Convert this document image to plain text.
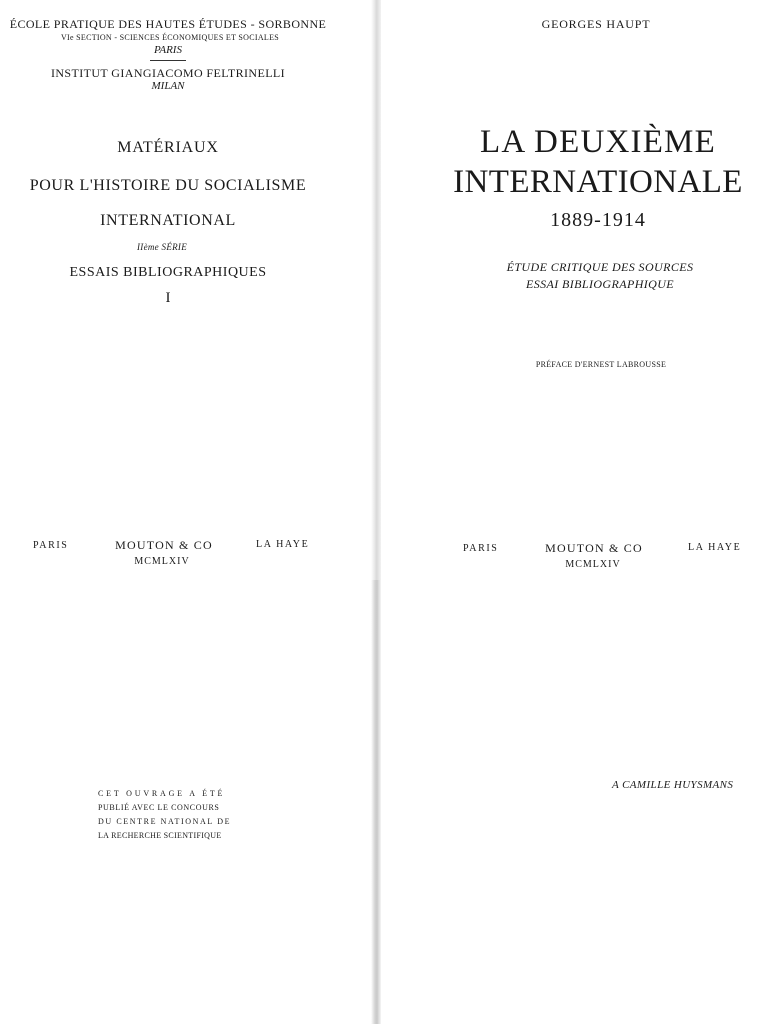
ÉCOLE PRATIQUE DES HAUTES ÉTUDES - SORBONNE
VIe SECTION - SCIENCES ÉCONOMIQUES ET SOCIALES
PARIS
INSTITUT GIANGIACOMO FELTRINELLI
MILAN
MATÉRIAUX
POUR L'HISTOIRE DU SOCIALISME
INTERNATIONAL
IIème SÉRIE
ESSAIS BIBLIOGRAPHIQUES
I
PARIS	MOUTON & CO	LA HAYE
MCMLXIV
CET OUVRAGE A ÉTÉ
PUBLIÉ AVEC LE CONCOURS
DU CENTRE NATIONAL DE
LA RECHERCHE SCIENTIFIQUE
GEORGES HAUPT
LA DEUXIÈME
INTERNATIONALE
1889-1914
ÉTUDE CRITIQUE DES SOURCES
ESSAI BIBLIOGRAPHIQUE
PRÉFACE D'ERNEST LABROUSSE
PARIS	MOUTON & CO	LA HAYE
MCMLXIV
A CAMILLE HUYSMANS
